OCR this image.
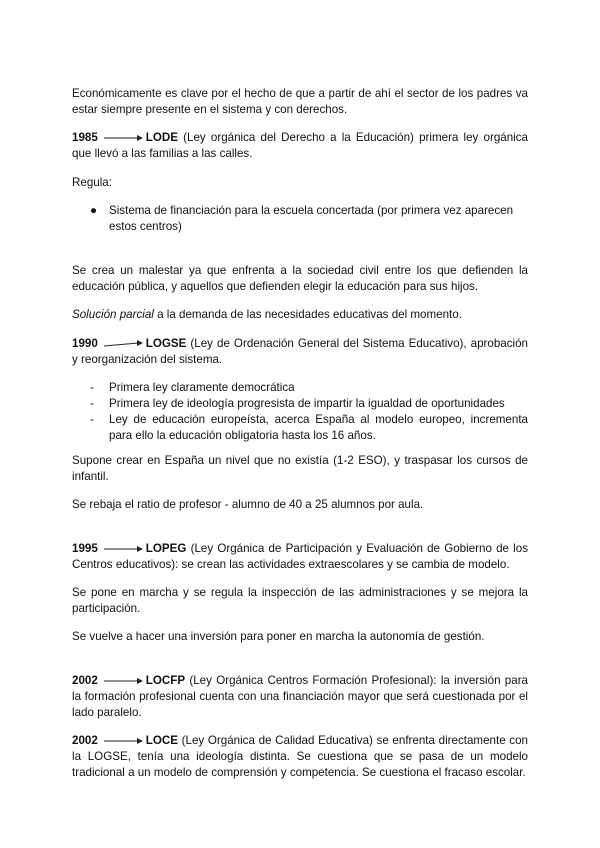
Económicamente es clave por el hecho de que a partir de ahí el sector de los padres va estar siempre presente en el sistema y con derechos.

1985	LODE (Ley orgánica del Derecho a la Educación) primera ley orgánica que llevó a las familias a las calles.

Regula:

● Sistema de financiación para la escuela concertada (por primera vez aparecen estos centros)

Se crea un malestar ya que enfrenta a la sociedad civil entre los que defienden la educación pública, y aquellos que defienden elegir la educación para sus hijos.

Solución parcial a la demanda de las necesidades educativas del momento.

1990	LOGSE (Ley de Ordenación General del Sistema Educativo), aprobación y reorganización del sistema.

- Primera ley claramente democrática
- Primera ley de ideología progresista de impartir la igualdad de oportunidades
- Ley de educación europeísta, acerca España al modelo europeo, incrementa para ello la educación obligatoria hasta los 16 años.

Supone crear en España un nivel que no existía (1-2 ESO), y traspasar los cursos de infantil.

Se rebaja el ratio de profesor - alumno de 40 a 25 alumnos por aula.

1995	LOPEG (Ley Orgánica de Participación y Evaluación de Gobierno de los Centros educativos): se crean las actividades extraescolares y se cambia de modelo.

Se pone en marcha y se regula la inspección de las administraciones y se mejora la participación.

Se vuelve a hacer una inversión para poner en marcha la autonomía de gestión.

2002	LOCFP (Ley Orgánica Centros Formación Profesional): la inversión para la formación profesional cuenta con una financiación mayor que será cuestionada por el lado paralelo.

2002	LOCE (Ley Orgánica de Calidad Educativa) se enfrenta directamente con la LOGSE, tenía una ideología distinta. Se cuestiona que se pasa de un modelo tradicional a un modelo de comprensión y competencia. Se cuestiona el fracaso escolar.
